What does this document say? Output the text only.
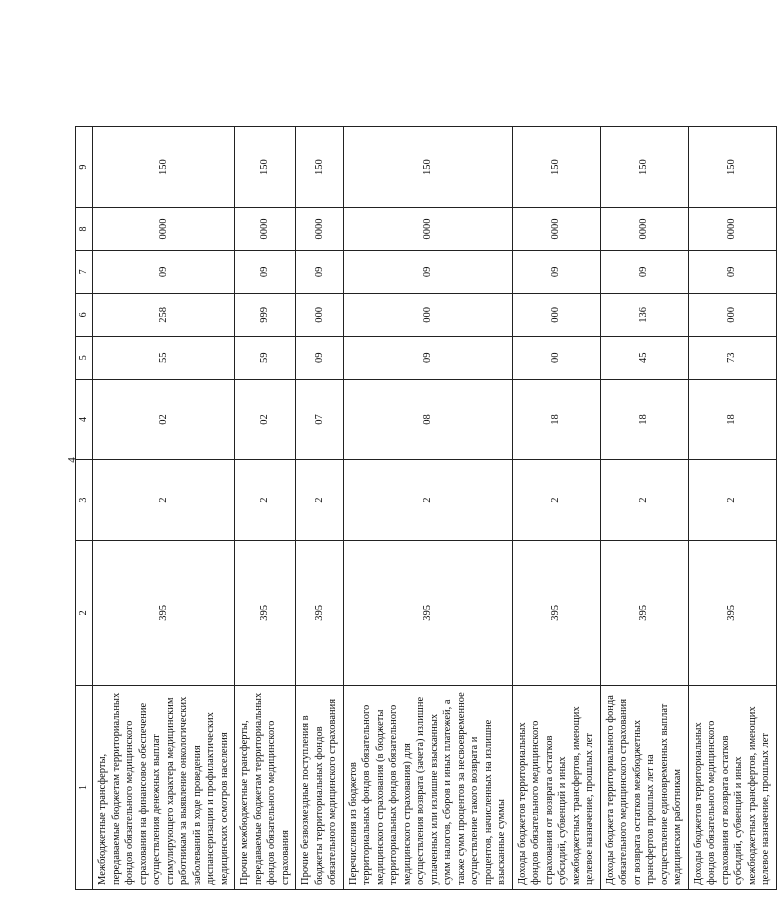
4
1	2	3	4	5	6	7	8	9
Межбюджетные трансферты, передаваемые бюджетам территориальных фондов обязательного медицинского страхования на финансовое обеспечение осуществления денежных выплат стимулирующего характера медицинским работникам за выявление онкологических заболеваний в ходе проведения диспансеризации и профилактических медицинских осмотров населения	395	2	02	55	258	09	0000	150
Прочие межбюджетные трансферты, передаваемые бюджетам территориальных фондов обязательного медицинского страхования	395	2	02	59	999	09	0000	150
Прочие безвозмездные поступления в бюджеты территориальных фондов обязательного медицинского страхования	395	2	07	09	000	09	0000	150
Перечисления из бюджетов территориальных фондов обязательного медицинского страхования (в бюджеты территориальных фондов обязательного медицинского страхования) для осуществления возврата (зачета) излишне уплаченных или излишне взысканных сумм налогов, сборов и иных платежей, а также сумм процентов за несвоевременное осуществление такого возврата и процентов, начисленных на излишне взысканные суммы	395	2	08	09	000	09	0000	150
Доходы бюджетов территориальных фондов обязательного медицинского страхования от возврата остатков субсидий, субвенций и иных межбюджетных трансфертов, имеющих целевое назначение, прошлых лет	395	2	18	00	000	09	0000	150
Доходы бюджета территориального фонда обязательного медицинского страхования от возврата остатков межбюджетных трансфертов прошлых лет на осуществление единовременных выплат медицинским работникам	395	2	18	45	136	09	0000	150
Доходы бюджетов территориальных фондов обязательного медицинского страхования от возврата остатков субсидий, субвенций и иных межбюджетных трансфертов, имеющих целевое назначение, прошлых лет	395	2	18	73	000	09	0000	150
